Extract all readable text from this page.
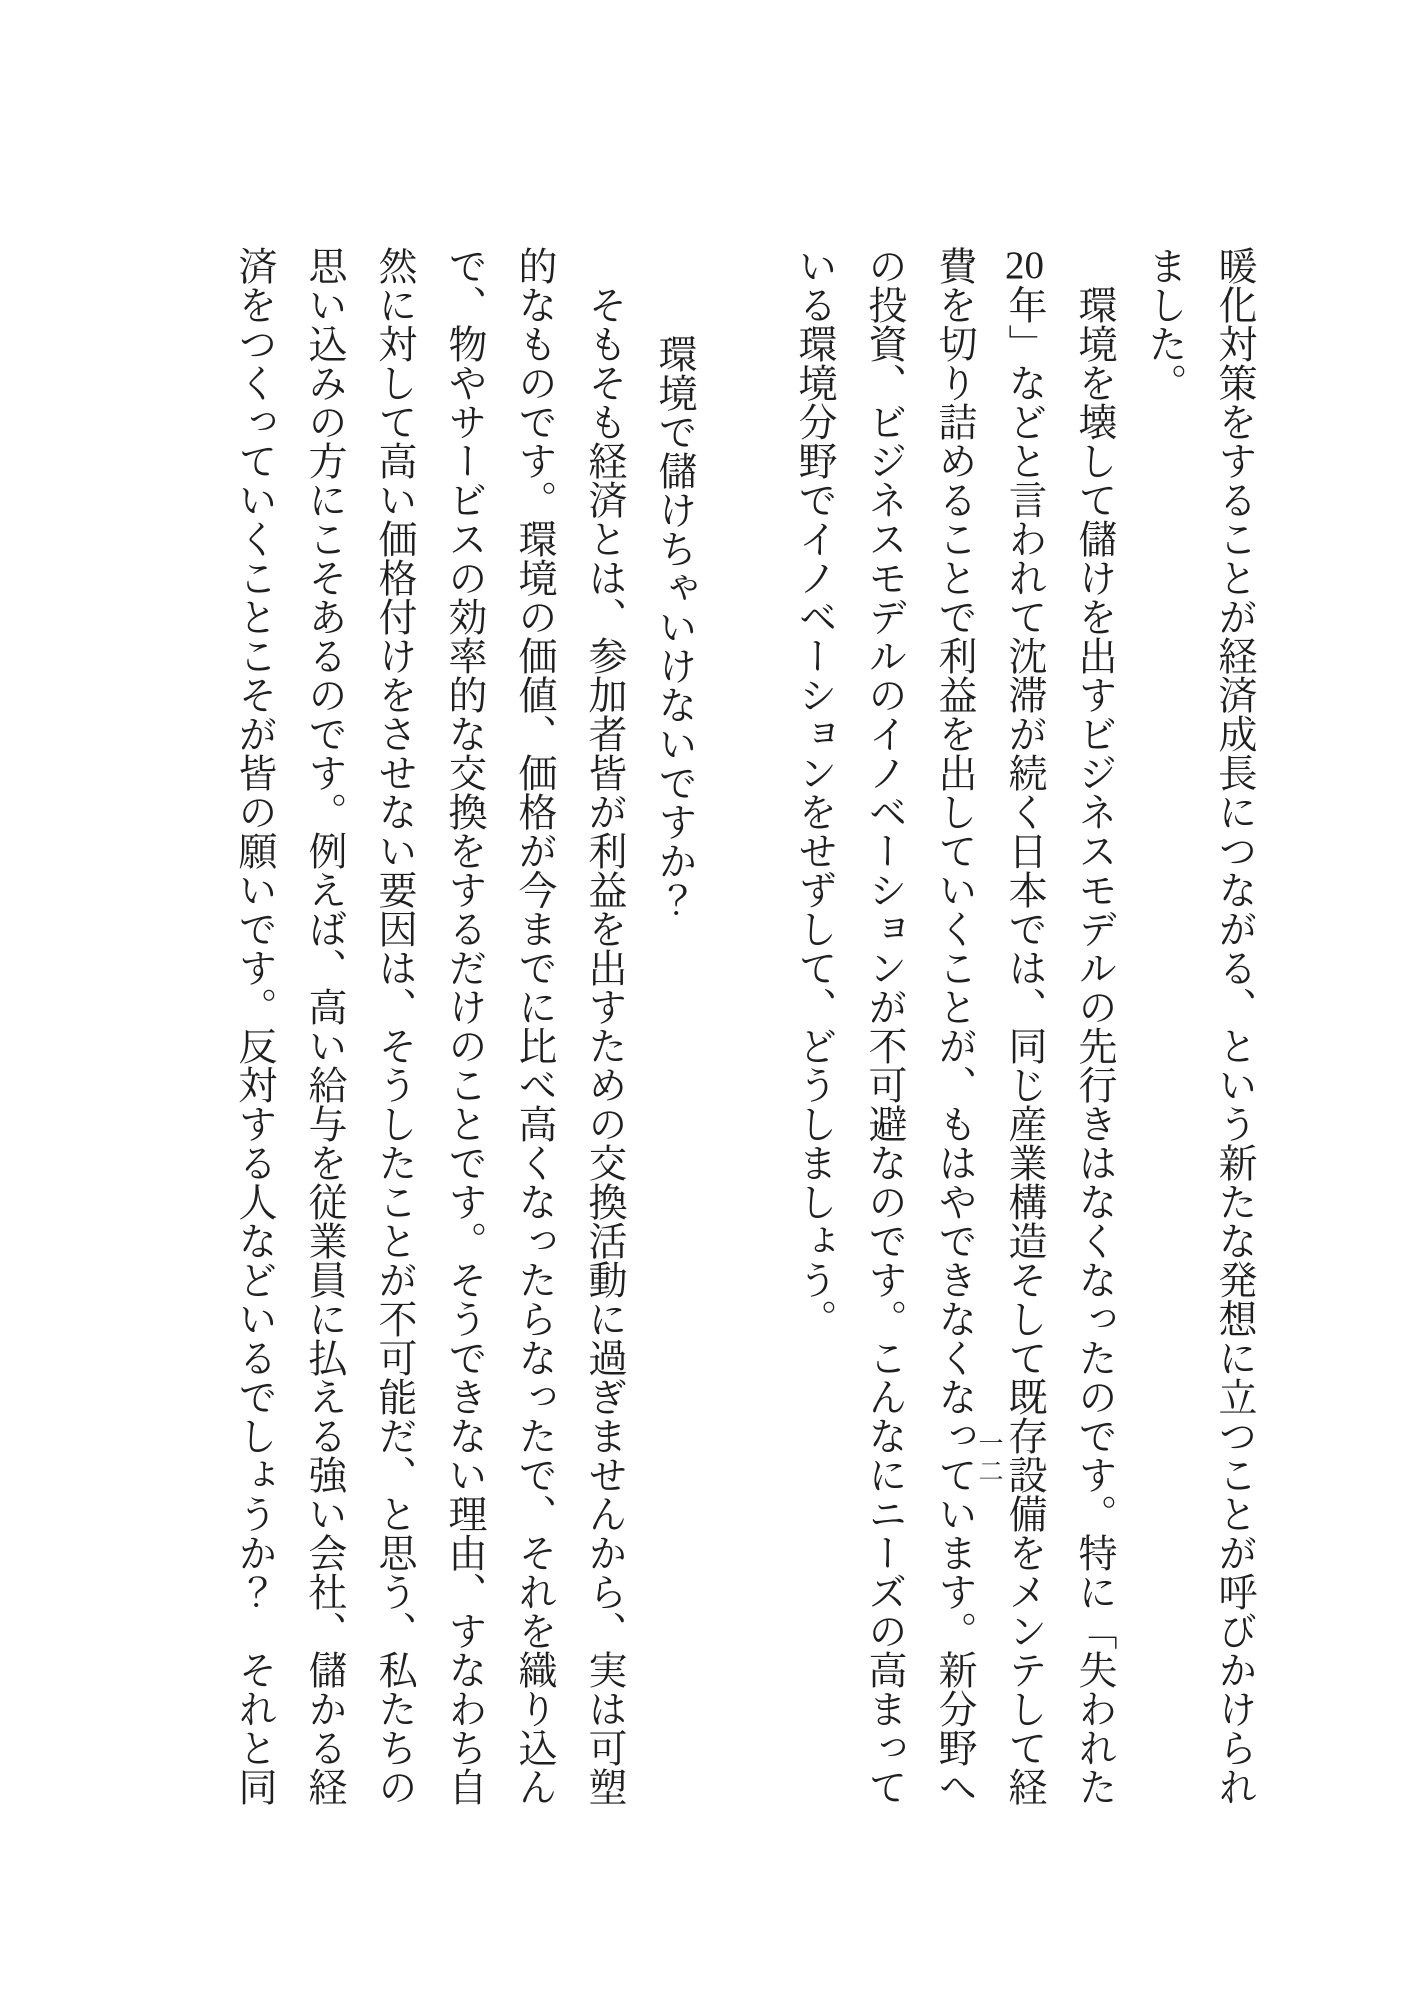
暖化対策をすることが経済成長につながる、という新たな発想に立つことが呼びかけられました。

環境を壊して儲けを出すビジネスモデルの先行きはなくなったのです。特に「失われた20年」などと言われて沈滞が続く日本では、同じ産業構造そして既存設備をメンテして経費を切り詰めることで利益を出していくことが、もはやできなくなっています。新分野への投資、ビジネスモデルのイノベーションが不可避なのです。こんなにニーズの高まっている環境分野でイノベーションをせずして、どうしましょう。

環境で儲けちゃいけないですか？

そもそも経済とは、参加者皆が利益を出すための交換活動に過ぎませんから、実は可塑的なものです。環境の価値、価格が今までに比べ高くなったらなったで、それを織り込んで、物やサービスの効率的な交換をするだけのことです。そうできない理由、すなわち自然に対して高い価格付けをさせない要因は、そうしたことが不可能だ、と思う、私たちの思い込みの方にこそあるのです。例えば、高い給与を従業員に払える強い会社、儲かる経済をつくっていくことこそが皆の願いです。反対する人などいるでしょうか？　それと同	一二
